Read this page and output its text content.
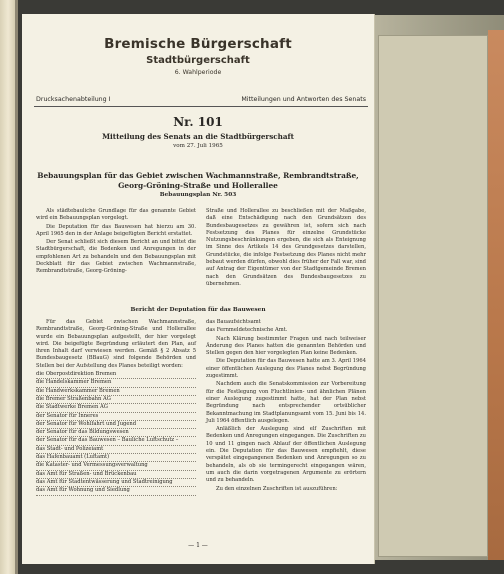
Bremische Bürgerschaft
Stadtbürgerschaft
6. Wahlperiode
Drucksachenabteilung I	Mitteilungen und Antworten des Senats
Nr. 101
Mitteilung des Senats an die Stadtbürgerschaft
vom 27. Juli 1965
Bebauungsplan für das Gebiet zwischen Wachmannstraße, Rembrandtstraße,
Georg-Gröning-Straße und Hollerallee
Bebauungsplan Nr. 503

Als städtebauliche Grundlage für das genannte Gebiet wird ein Bebauungsplan vorgelegt.

Die Deputation für das Bauwesen hat hierzu am 30. April 1965 den in der Anlage beigefügten Bericht erstattet.

Der Senat schließt sich diesem Bericht an und bittet die Stadtbürgerschaft, die Bedenken und Anregungen in der empfohlenen Art zu behandeln und den Bebauungsplan mit Deckblatt für das Gebiet zwischen Wachmannstraße, Rembrandtstraße, Georg-Gröning-

Straße und Hollerallee zu beschließen mit der Maßgabe, daß eine Entschädigung nach den Grundsätzen des Bundesbaugesetzes zu gewähren ist, sofern sich nach Festsetzung des Planes für einzelne Grundstücke Nutzungsbeschränkungen ergeben, die sich als Enteignung im Sinne des Artikels 14 des Grundgesetzes darstellen, Grundstücke, die infolge Festsetzung des Planes nicht mehr bebaut werden dürfen, obwohl dies früher der Fall war, sind auf Antrag der Eigentümer von der Stadtgemeinde Bremen nach den Grundsätzen des Bundesbaugesetzes zu übernehmen.

Bericht der Deputation für das Bauwesen

Für das Gebiet zwischen Wachmannstraße, Rembrandtstraße, Georg-Gröning-Straße und Hollerallee wurde ein Bebauungsplan aufgestellt, der hier vorgelegt wird. Die beigefügte Begründung erläutert den Plan, auf ihren Inhalt darf verwiesen werden. Gemäß § 2 Absatz 5 Bundesbaugesetz (BBauG) sind folgende Behörden und Stellen bei der Aufstellung des Planes beteiligt worden:

die Oberpostdirektion Bremen
die Handelskammer Bremen
die Handwerkskammer Bremen
die Bremer Straßenbahn AG
die Stadtwerke Bremen AG
der Senator für Inneres
der Senator für Wohlfahrt und Jugend
der Senator für das Bildungswesen
der Senator für das Bauwesen – Bauliche Luftschutz –
das Stadt- und Polizeiamt
das Hafenbauamt (Luftamt)
die Kataster- und Vermessungsverwaltung
das Amt für Straßen- und Brückenbau
das Amt für Stadtentwässerung und Stadtreinigung
das Amt für Wohnung und Siedlung

das Bauaufsichtsamt

das Fernmeldetechnische Amt.

Nach Klärung bestimmter Fragen und nach teilweiser Änderung des Planes hatten die genannten Behörden und Stellen gegen den hier vorgelegten Plan keine Bedenken.

Die Deputation für das Bauwesen hatte am 3. April 1964 einer öffentlichen Auslegung des Planes nebst Begründung zugestimmt.

Nachdem auch die Senatskommission zur Vorbereitung für die Festlegung von Fluchtlinien- und ähnlichen Plänen einer Auslegung zugestimmt hatte, hat der Plan nebst Begründung nach entsprechender ortsüblicher Bekanntmachung im Stadtplanungsamt vom 15. Juni bis 14. Juli 1964 öffentlich ausgelegen.

Anläßlich der Auslegung sind elf Zuschriften mit Bedenken und Anregungen eingegangen. Die Zuschriften zu 10 und 11 gingen nach Ablauf der öffentlichen Auslegung ein. Die Deputation für das Bauwesen empfiehlt, diese verspätet eingegangenen Bedenken und Anregungen so zu behandeln, als ob sie termingerecht eingegangen wären, um auch die darin vorgetragenen Argumente zu erörtern und zu behandeln.

Zu den einzelnen Zuschriften ist auszuführen:

— 1 —
